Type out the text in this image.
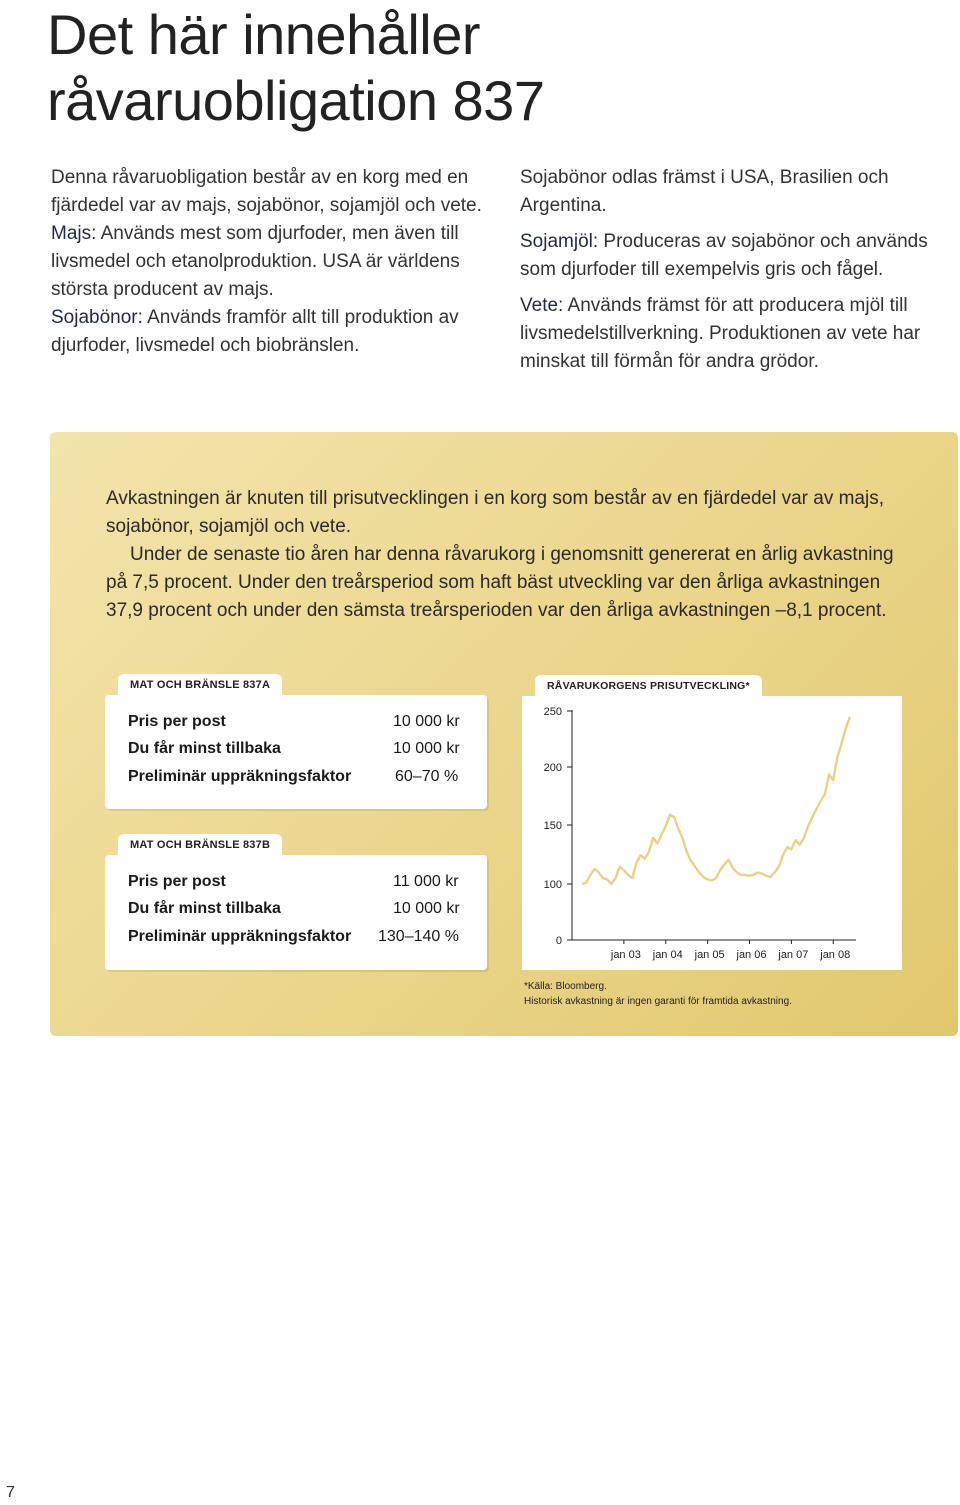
Det här innehåller
råvaruobligation 837

Denna råvaruobligation består av en korg med en fjärdedel var av majs, sojabönor, sojamjöl och vete.

Majs: Används mest som djurfoder, men även till livsmedel och etanolproduktion. USA är världens största producent av majs.

Sojabönor: Används framför allt till produktion av djurfoder, livsmedel och biobränslen.

Sojabönor odlas främst i USA, Brasilien och Argentina.

Sojamjöl: Produceras av sojabönor och används som djurfoder till exempelvis gris och fågel.

Vete: Används främst för att producera mjöl till livsmedelstillverkning. Produktionen av vete har minskat till förmån för andra grödor.

Avkastningen är knuten till prisutvecklingen i en korg som består av en fjärdedel var av majs, sojabönor, sojamjöl och vete.

Under de senaste tio åren har denna råvarukorg i genomsnitt genererat en årlig avkastning på 7,5 procent. Under den treårsperiod som haft bäst utveckling var den årliga avkastningen 37,9 procent och under den sämsta treårsperioden var den årliga avkastningen –8,1 procent.

MAT OCH BRÄNSLE 837A
Pris per post	10 000 kr
Du får minst tillbaka	10 000 kr
Preliminär uppräkningsfaktor	60–70 %
MAT OCH BRÄNSLE 837B
Pris per post	11 000 kr
Du får minst tillbaka	10 000 kr
Preliminär uppräkningsfaktor 130–140 %
RÅVARUKORGENS PRISUTVECKLING*
250
200
150
100
0
jan 03 jan 04 jan 05 jan 06 jan 07 jan 08
*Källa: Bloomberg.
Historisk avkastning är ingen garanti för framtida avkastning.
7
